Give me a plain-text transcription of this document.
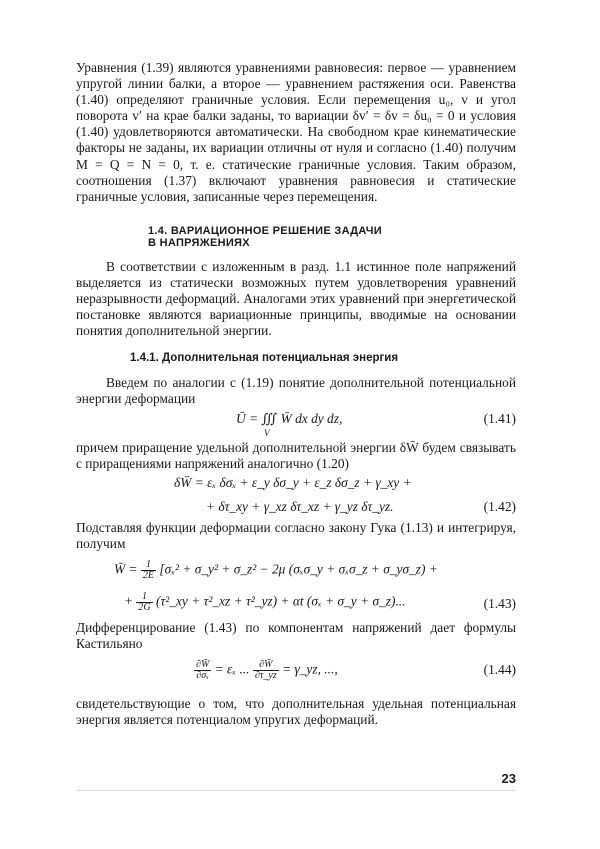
Уравнения (1.39) являются уравнениями равновесия: первое — уравнением упругой линии балки, а второе — уравнением растяжения оси. Равенства (1.40) определяют граничные условия. Если перемещения u₀, v и угол поворота v′ на крае балки заданы, то вариации δv′ = δv = δu₀ = 0 и условия (1.40) удовлетворяются автоматически. На свободном крае кинематические факторы не заданы, их вариации отличны от нуля и согласно (1.40) получим M = Q = N = 0, т. е. статические граничные условия. Таким образом, соотношения (1.37) включают уравнения равновесия и статические граничные условия, записанные через перемещения.

1.4. ВАРИАЦИОННОЕ РЕШЕНИЕ ЗАДАЧИ
В НАПРЯЖЕНИЯХ

В соответствии с изложенным в разд. 1.1 истинное поле напряжений выделяется из статически возможных путем удовлетворения уравнений неразрывности деформаций. Аналогами этих уравнений при энергетической постановке являются вариационные принципы, вводимые на основании понятия дополнительной энергии.

1.4.1. Дополнительная потенциальная энергия

Введем по аналогии с (1.19) понятие дополнительной потенциальной энергии деформации

Ū = ∭ W̄ dx dy dz,
V
(1.41)

причем приращение удельной дополнительной энергии δW̄ будем связывать с приращениями напряжений аналогично (1.20)

δW̄ = εₓ δσₓ + ε_y δσ_y + ε_z δσ_z + γ_xy +
+ δτ_xy + γ_xz δτ_xz + γ_yz δτ_yz.	(1.42)

Подставляя функции деформации согласно закону Гука (1.13) и интегрируя, получим

W̄ = $\frac{1}{2E} [\sigma_x^2$ + σ_y² + σ_z² − 2μ (σₓσ_y + σₓσ_z + σ_yσ_z) +
+ $\frac{1}{2G}$ (τ²_xy + τ²_xz + τ²_yz) + αt (σₓ + σ_y + σ_z)...	(1.43)

Дифференцирование (1.43) по компонентам напряжений дает формулы Кастильяно

$\frac{\partial W̄}{\text{∂σₓ}} = \varepsilon_x$ ... $\frac{\partial W̄}{\partial\tau\_yz}$ = γ_yz, ...,	(1.44)

свидетельствующие о том, что дополнительная удельная потенциальная энергия является потенциалом упругих деформаций.

23
